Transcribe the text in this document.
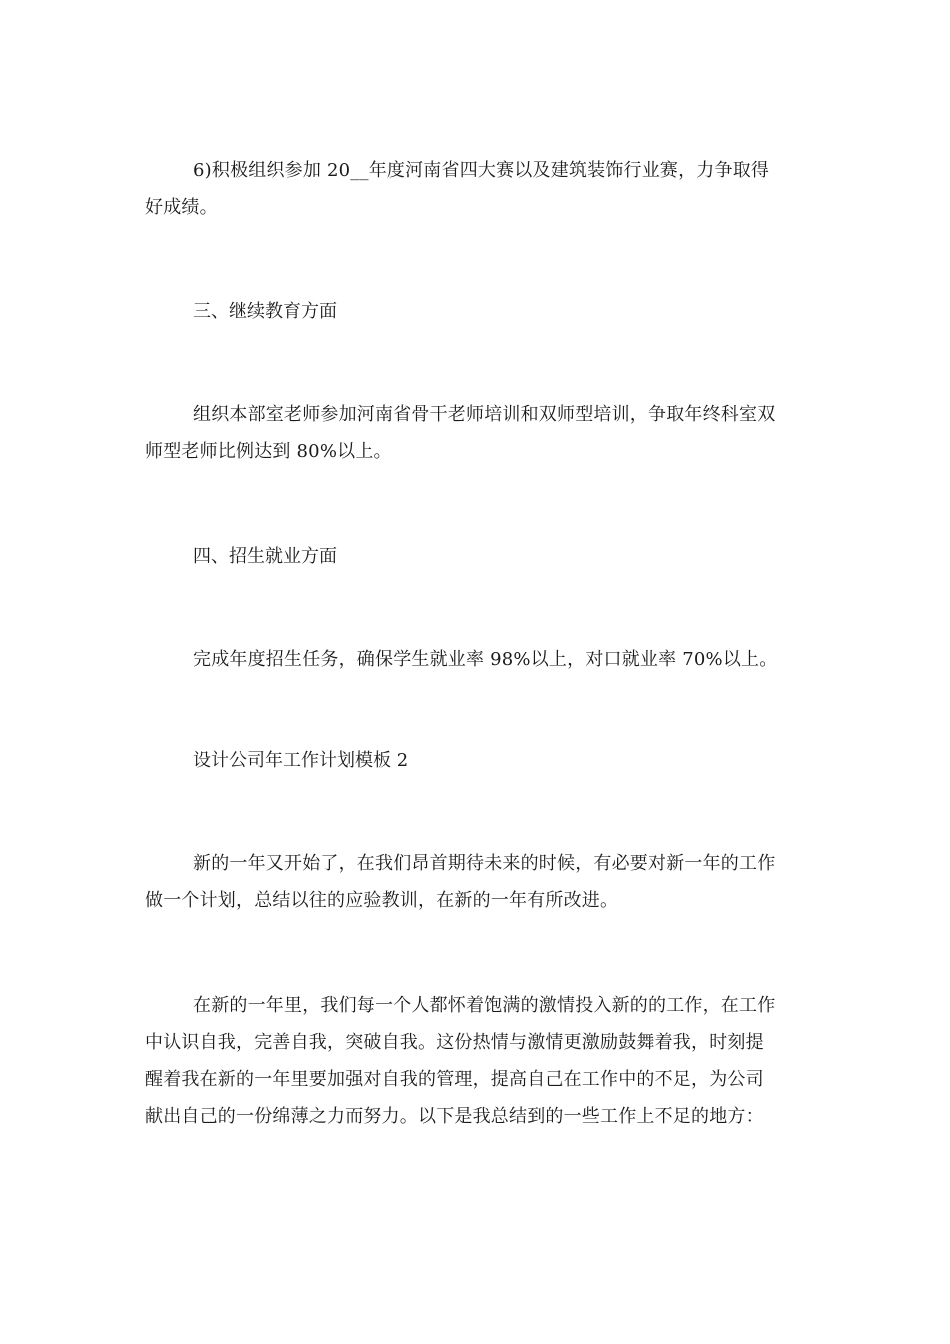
6)积极组织参加 20__年度河南省四大赛以及建筑装饰行业赛，力争取得
好成绩。
三、继续教育方面
组织本部室老师参加河南省骨干老师培训和双师型培训，争取年终科室双
师型老师比例达到 80%以上。
四、招生就业方面
完成年度招生任务，确保学生就业率 98%以上，对口就业率 70%以上。
设计公司年工作计划模板 2
新的一年又开始了，在我们昂首期待未来的时候，有必要对新一年的工作
做一个计划，总结以往的应验教训，在新的一年有所改进。
在新的一年里，我们每一个人都怀着饱满的激情投入新的的工作，在工作
中认识自我，完善自我，突破自我。这份热情与激情更激励鼓舞着我，时刻提
醒着我在新的一年里要加强对自我的管理，提高自己在工作中的不足，为公司
献出自己的一份绵薄之力而努力。以下是我总结到的一些工作上不足的地方：
